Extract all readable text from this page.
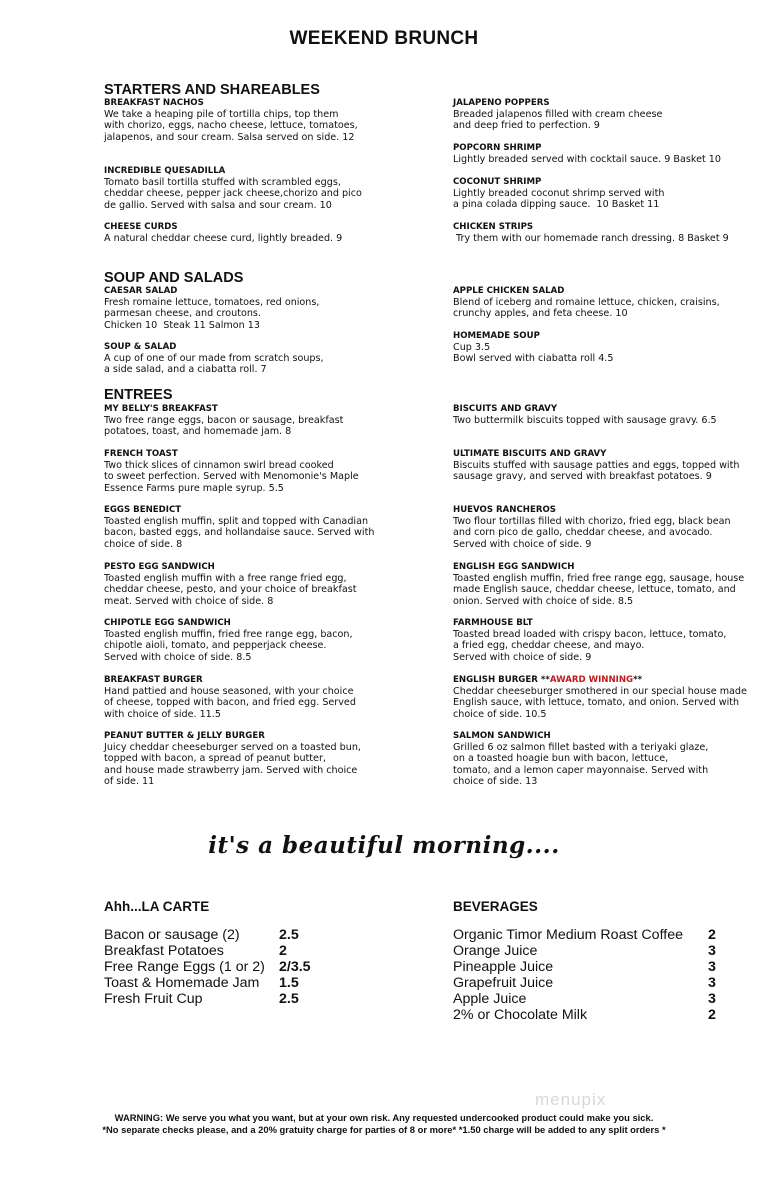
WEEKEND BRUNCH
STARTERS AND SHAREABLES
SOUP AND SALADS
ENTREES
BREAKFAST NACHOS
We take a heaping pile of tortilla chips, top them
with chorizo, eggs, nacho cheese, lettuce, tomatoes,
jalapenos, and sour cream. Salsa served on side. 12
INCREDIBLE QUESADILLA
Tomato basil tortilla stuffed with scrambled eggs,
cheddar cheese, pepper jack cheese,chorizo and pico
de gallio. Served with salsa and sour cream. 10
CHEESE CURDS
A natural cheddar cheese curd, lightly breaded. 9
JALAPENO POPPERS
Breaded jalapenos filled with cream cheese
and deep fried to perfection. 9
POPCORN SHRIMP
Lightly breaded served with cocktail sauce. 9 Basket 10
COCONUT SHRIMP
Lightly breaded coconut shrimp served with
a pina colada dipping sauce.  10 Basket 11
CHICKEN STRIPS
Try them with our homemade ranch dressing. 8 Basket 9
CAESAR SALAD
Fresh romaine lettuce, tomatoes, red onions,
parmesan cheese, and croutons.
Chicken 10  Steak 11 Salmon 13
SOUP & SALAD
A cup of one of our made from scratch soups,
a side salad, and a ciabatta roll. 7
APPLE CHICKEN SALAD
Blend of iceberg and romaine lettuce, chicken, craisins,
crunchy apples, and feta cheese. 10
HOMEMADE SOUP
Cup 3.5
Bowl served with ciabatta roll 4.5
MY BELLY'S BREAKFAST
Two free range eggs, bacon or sausage, breakfast
potatoes, toast, and homemade jam. 8
FRENCH TOAST
Two thick slices of cinnamon swirl bread cooked
to sweet perfection. Served with Menomonie's Maple
Essence Farms pure maple syrup. 5.5
EGGS BENEDICT
Toasted english muffin, split and topped with Canadian
bacon, basted eggs, and hollandaise sauce. Served with
choice of side. 8
PESTO EGG SANDWICH
Toasted english muffin with a free range fried egg,
cheddar cheese, pesto, and your choice of breakfast
meat. Served with choice of side. 8
CHIPOTLE EGG SANDWICH
Toasted english muffin, fried free range egg, bacon,
chipotle aioli, tomato, and pepperjack cheese.
Served with choice of side. 8.5
BREAKFAST BURGER
Hand pattied and house seasoned, with your choice
of cheese, topped with bacon, and fried egg. Served
with choice of side. 11.5
PEANUT BUTTER & JELLY BURGER
Juicy cheddar cheeseburger served on a toasted bun,
topped with bacon, a spread of peanut butter,
and house made strawberry jam. Served with choice
of side. 11
BISCUITS AND GRAVY
Two buttermilk biscuits topped with sausage gravy. 6.5
ULTIMATE BISCUITS AND GRAVY
Biscuits stuffed with sausage patties and eggs, topped with
sausage gravy, and served with breakfast potatoes. 9
HUEVOS RANCHEROS
Two flour tortillas filled with chorizo, fried egg, black bean
and corn pico de gallo, cheddar cheese, and avocado.
Served with choice of side. 9
ENGLISH EGG SANDWICH
Toasted english muffin, fried free range egg, sausage, house
made English sauce, cheddar cheese, lettuce, tomato, and
onion. Served with choice of side. 8.5
FARMHOUSE BLT
Toasted bread loaded with crispy bacon, lettuce, tomato,
a fried egg, cheddar cheese, and mayo.
Served with choice of side. 9
ENGLISH BURGER **AWARD WINNING**
Cheddar cheeseburger smothered in our special house made
English sauce, with lettuce, tomato, and onion. Served with
choice of side. 10.5
SALMON SANDWICH
Grilled 6 oz salmon fillet basted with a teriyaki glaze,
on a toasted hoagie bun with bacon, lettuce,
tomato, and a lemon caper mayonnaise. Served with
choice of side. 13
it's a beautiful morning....
Ahh...LA CARTE	BEVERAGES
Bacon or sausage (2)	2.5
Breakfast Potatoes	2
Free Range Eggs (1 or 2) 2/3.5
Toast & Homemade Jam 1.5
Fresh Fruit Cup	2.5
Organic Timor Medium Roast Coffee 2
Orange Juice	3
Pineapple Juice	3
Grapefruit Juice	3
Apple Juice	3
2% or Chocolate Milk	2
menupix
WARNING: We serve you what you want, but at your own risk. Any requested undercooked product could make you sick.
*No separate checks please, and a 20% gratuity charge for parties of 8 or more* *1.50 charge will be added to any split orders *
